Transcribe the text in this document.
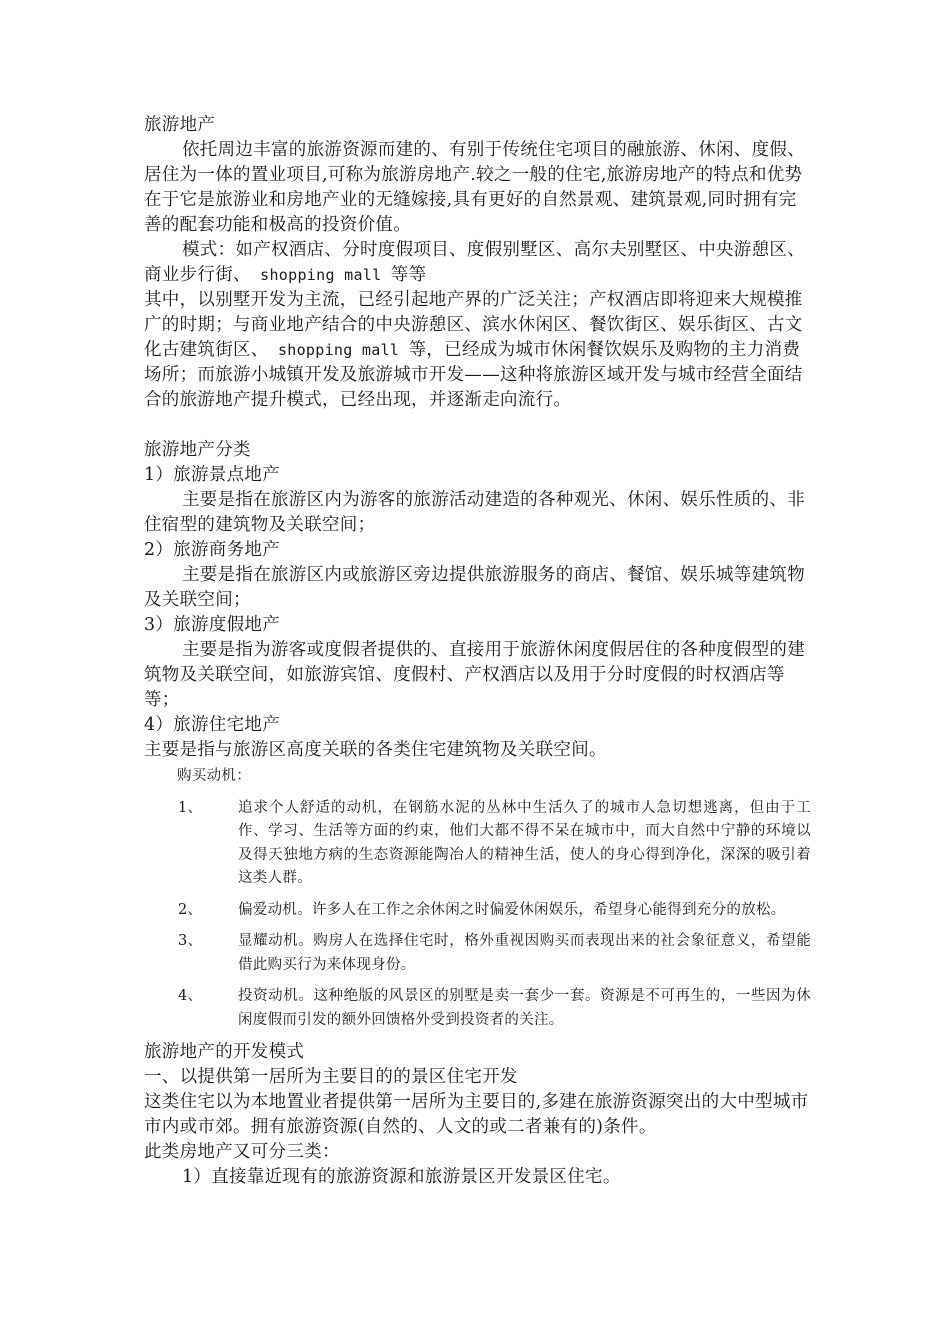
旅游地产

依托周边丰富的旅游资源而建的、有别于传统住宅项目的融旅游、休闲、度假、居住为一体的置业项目,可称为旅游房地产.较之一般的住宅,旅游房地产的特点和优势在于它是旅游业和房地产业的无缝嫁接,具有更好的自然景观、建筑景观,同时拥有完善的配套功能和极高的投资价值。

模式：如产权酒店、分时度假项目、度假别墅区、高尔夫别墅区、中央游憩区、商业步行街、 shopping mall 等等

其中，以别墅开发为主流，已经引起地产界的广泛关注；产权酒店即将迎来大规模推广的时期；与商业地产结合的中央游憩区、滨水休闲区、餐饮街区、娱乐街区、古文化古建筑街区、 shopping mall 等，已经成为城市休闲餐饮娱乐及购物的主力消费场所；而旅游小城镇开发及旅游城市开发——这种将旅游区域开发与城市经营全面结合的旅游地产提升模式，已经出现，并逐渐走向流行。

旅游地产分类

1）旅游景点地产

主要是指在旅游区内为游客的旅游活动建造的各种观光、休闲、娱乐性质的、非住宿型的建筑物及关联空间；

2）旅游商务地产

主要是指在旅游区内或旅游区旁边提供旅游服务的商店、餐馆、娱乐城等建筑物及关联空间；

3）旅游度假地产

主要是指为游客或度假者提供的、直接用于旅游休闲度假居住的各种度假型的建筑物及关联空间，如旅游宾馆、度假村、产权酒店以及用于分时度假的时权酒店等等；

4）旅游住宅地产

主要是指与旅游区高度关联的各类住宅建筑物及关联空间。

购买动机：
1、	追求个人舒适的动机，在钢筋水泥的丛林中生活久了的城市人急切想逃离，但由于工作、学习、生活等方面的约束，他们大都不得不呆在城市中，而大自然中宁静的环境以及得天独地方病的生态资源能陶冶人的精神生活，使人的身心得到净化，深深的吸引着这类人群。
2、	偏爱动机。许多人在工作之余休闲之时偏爱休闲娱乐，希望身心能得到充分的放松。
3、	显耀动机。购房人在选择住宅时，格外重视因购买而表现出来的社会象征意义，希望能借此购买行为来体现身份。
4、	投资动机。这种绝版的风景区的别墅是卖一套少一套。资源是不可再生的，一些因为休闲度假而引发的额外回馈格外受到投资者的关注。

旅游地产的开发模式

一、以提供第一居所为主要目的的景区住宅开发

这类住宅以为本地置业者提供第一居所为主要目的,多建在旅游资源突出的大中型城市市内或市郊。拥有旅游资源(自然的、人文的或二者兼有的)条件。

此类房地产又可分三类：

1）直接靠近现有的旅游资源和旅游景区开发景区住宅。
